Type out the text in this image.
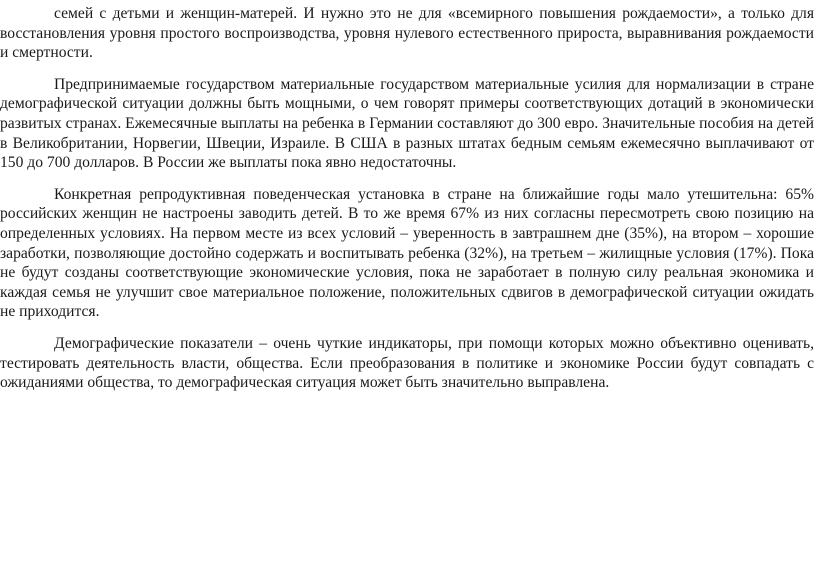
семей с детьми и женщин-матерей. И нужно это не для «всемирного повышения рождаемости», а только для восстановления уровня простого воспроизводства, уровня нулевого естественного прироста, выравнивания рождаемости и смертности.

Предпринимаемые государством материальные государством материальные усилия для нормализации в стране демографической ситуации должны быть мощными, о чем говорят примеры соответствующих дотаций в экономически развитых странах. Ежемесячные выплаты на ребенка в Германии составляют до 300 евро. Значительные пособия на детей в Великобритании, Норвегии, Швеции, Израиле. В США в разных штатах бедным семьям ежемесячно выплачивают от 150 до 700 долларов. В России же выплаты пока явно недостаточны.

Конкретная репродуктивная поведенческая установка в стране на ближайшие годы мало утешительна: 65% российских женщин не настроены заводить детей. В то же время 67% из них согласны пересмотреть свою позицию на определенных условиях. На первом месте из всех условий – уверенность в завтрашнем дне (35%), на втором – хорошие заработки, позволяющие достойно содержать и воспитывать ребенка (32%), на третьем – жилищные условия (17%). Пока не будут созданы соответствующие экономические условия, пока не заработает в полную силу реальная экономика и каждая семья не улучшит свое материальное положение, положительных сдвигов в демографической ситуации ожидать не приходится.

Демографические показатели – очень чуткие индикаторы, при помощи которых можно объективно оценивать, тестировать деятельность власти, общества. Если преобразования в политике и экономике России будут совпадать с ожиданиями общества, то демографическая ситуация может быть значительно выправлена.
